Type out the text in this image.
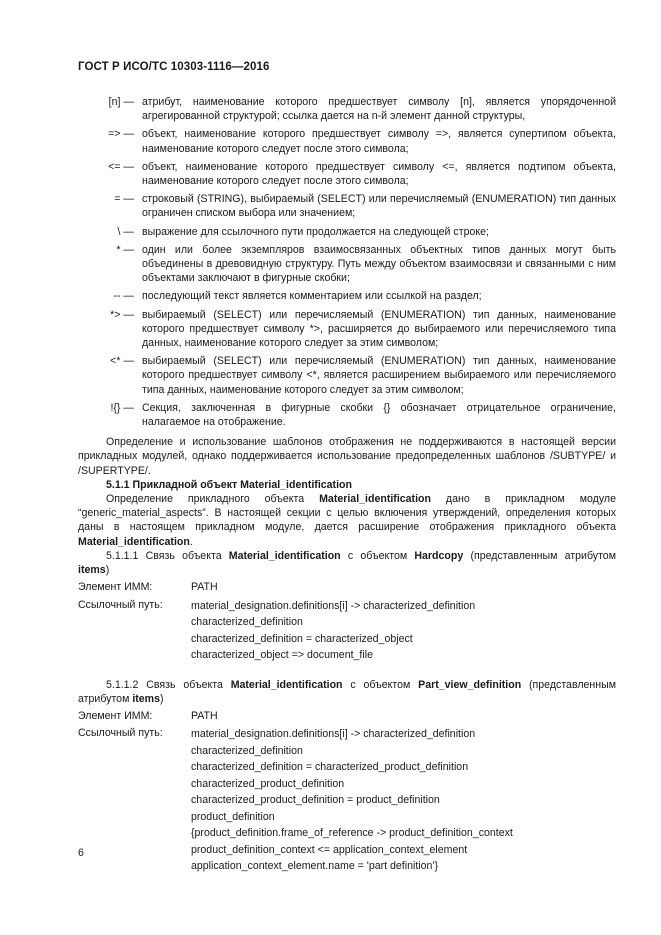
ГОСТ Р ИСО/ТС 10303-1116—2016
[n] — атрибут, наименование которого предшествует символу [n], является упорядоченной агрегированной структурой; ссылка дается на n-й элемент данной структуры,
=> — объект, наименование которого предшествует символу =>, является супертипом объекта, наименование которого следует после этого символа;
<= — объект, наименование которого предшествует символу <=, является подтипом объекта, наименование которого следует после этого символа;
= — строковый (STRING), выбираемый (SELECT) или перечисляемый (ENUMERATION) тип данных ограничен списком выбора или значением;
\ — выражение для ссылочного пути продолжается на следующей строке;
* — один или более экземпляров взаимосвязанных объектных типов данных могут быть объединены в древовидную структуру. Путь между объектом взаимосвязи и связанными с ним объектами заключают в фигурные скобки;
-- — последующий текст является комментарием или ссылкой на раздел;
*> — выбираемый (SELECT) или перечисляемый (ENUMERATION) тип данных, наименование которого предшествует символу *>, расширяется до выбираемого или перечисляемого типа данных, наименование которого следует за этим символом;
<* — выбираемый (SELECT) или перечисляемый (ENUMERATION) тип данных, наименование которого предшествует символу <*, является расширением выбираемого или перечисляемого типа данных, наименование которого следует за этим символом;
!{} — Секция, заключенная в фигурные скобки {} обозначает отрицательное ограничение, налагаемое на отображение.

Определение и использование шаблонов отображения не поддерживаются в настоящей версии прикладных модулей, однако поддерживается использование предопределенных шаблонов /SUBTYPE/ и /SUPERTYPE/.

5.1.1 Прикладной объект Material_identification

Определение прикладного объекта Material_identification дано в прикладном модуле “generic_material_aspects”. В настоящей секции с целью включения утверждений, определения которых даны в настоящем прикладном модуле, дается расширение отображения прикладного объекта Material_identification.

5.1.1.1 Связь объекта Material_identification с объектом Hardcopy (представленным атрибутом items)

Элемент ИММ:	PATH
Ссылочный путь:	material_designation.definitions[i] -> characterized_definition
characterized_definition
characterized_definition = characterized_object
characterized_object => document_file

5.1.1.2 Связь объекта Material_identification с объектом Part_view_definition (представленным атрибутом items)

Элемент ИММ:	PATH
Ссылочный путь:	material_designation.definitions[i] -> characterized_definition
characterized_definition
characterized_definition = characterized_product_definition
characterized_product_definition
characterized_product_definition = product_definition
product_definition
{product_definition.frame_of_reference -> product_definition_context
product_definition_context <= application_context_element
application_context_element.name = 'part definition'}
6
